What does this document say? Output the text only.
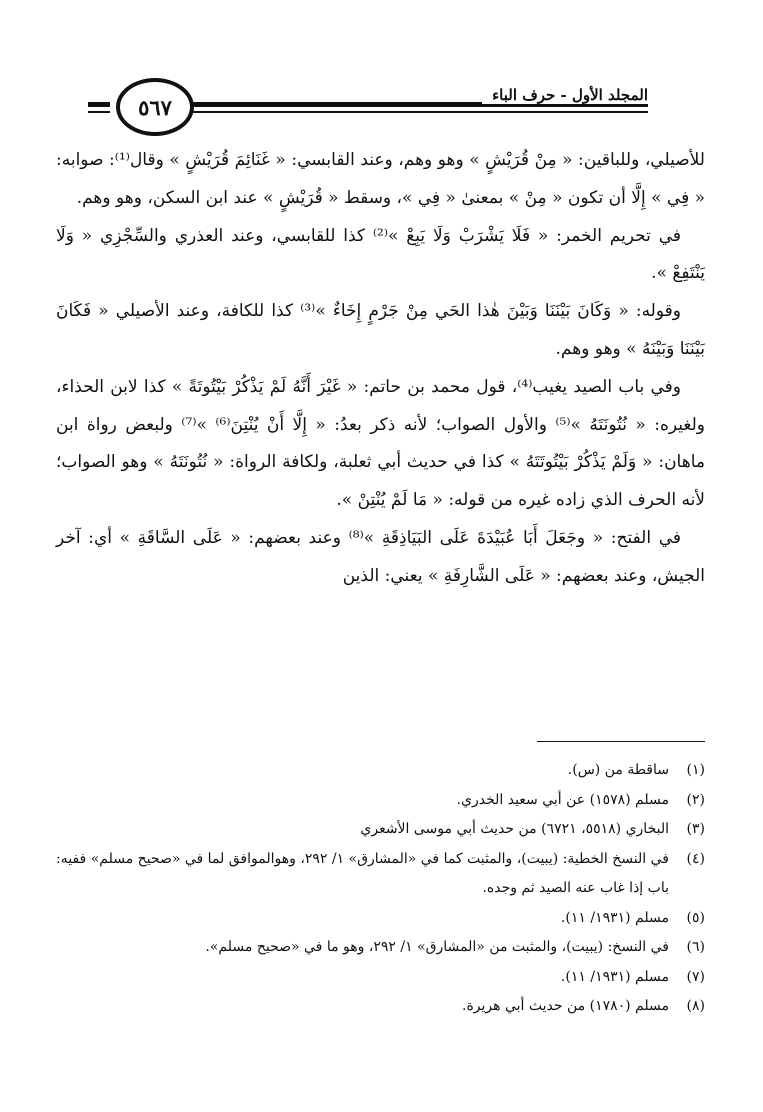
المجلد الأول - حرف الباء
٥٦٧

للأصيلي، وللباقين: « مِنْ قُرَيْشٍ » وهو وهم، وعند القابسي: « غَنَائِمَ قُرَيْشٍ » وقال⁽¹⁾: صوابه: « فِي » إِلَّا أن تكون « مِنْ » بمعنىٰ « فِي »، وسقط « قُرَيْشٍ » عند ابن السكن، وهو وهم.

في تحريم الخمر: « فَلَا يَشْرَبْ وَلَا يَبِعْ »⁽²⁾ كذا للقابسي، وعند العذري والسِّجْزِي « وَلَا يَنْتَفِعْ ».

وقوله: « وَكَانَ بَيْنَنَا وَبَيْنَ هٰذا الحَي مِنْ جَرْمٍ إِخَاءٌ »⁽³⁾ كذا للكافة، وعند الأصيلي « فَكَانَ بَيْنَنَا وَبَيْنَهُ » وهو وهم.

وفي باب الصيد يغيب⁽⁴⁾، قول محمد بن حاتم: « غَيْرَ أَنَّهُ لَمْ يَذْكُرْ بَيْتُوتَةً » كذا لابن الحذاء، ولغيره: « نُتُونَتَهُ »⁽⁵⁾ والأول الصواب؛ لأنه ذكر بعدُ: « إِلَّا أَنْ يُنْتِنَ⁽⁶⁾ »⁽⁷⁾ ولبعض رواة ابن ماهان: « وَلَمْ يَذْكُرْ بَيْتُوتَتَهُ » كذا في حديث أبي ثعلبة، ولكافة الرواة: « نُتُونَتَهُ » وهو الصواب؛ لأنه الحرف الذي زاده غيره من قوله: « مَا لَمْ يُنْتِنْ ».

في الفتح: « وجَعَلَ أَبَا عُبَيْدَةَ عَلَى البَيَاذِقَةِ »⁽⁸⁾ وعند بعضهم: « عَلَى السَّاقَةِ » أي: آخر الجيش، وعند بعضهم: « عَلَى الشَّارِفَةِ » يعني: الذين

(١)
ساقطة من (س).
(٢)
مسلم (١٥٧٨) عن أبي سعيد الخدري.
(٣)
البخاري (٥٥١٨، ٦٧٢١) من حديث أبي موسى الأشعري
(٤)
في النسخ الخطية: (يبيت)، والمثبت كما في «المشارق» ١/ ٢٩٢، وهوالموافق لما في «صحيح مسلم» ففيه: باب إذا غاب عنه الصيد ثم وجده.
(٥)
مسلم (١٩٣١/ ١١).
(٦)
في النسخ: (يبيت)، والمثبت من «المشارق» ١/ ٢٩٢، وهو ما في «صحيح مسلم».
(٧)
مسلم (١٩٣١/ ١١).
(٨)
مسلم (١٧٨٠) من حديث أبي هريرة.
